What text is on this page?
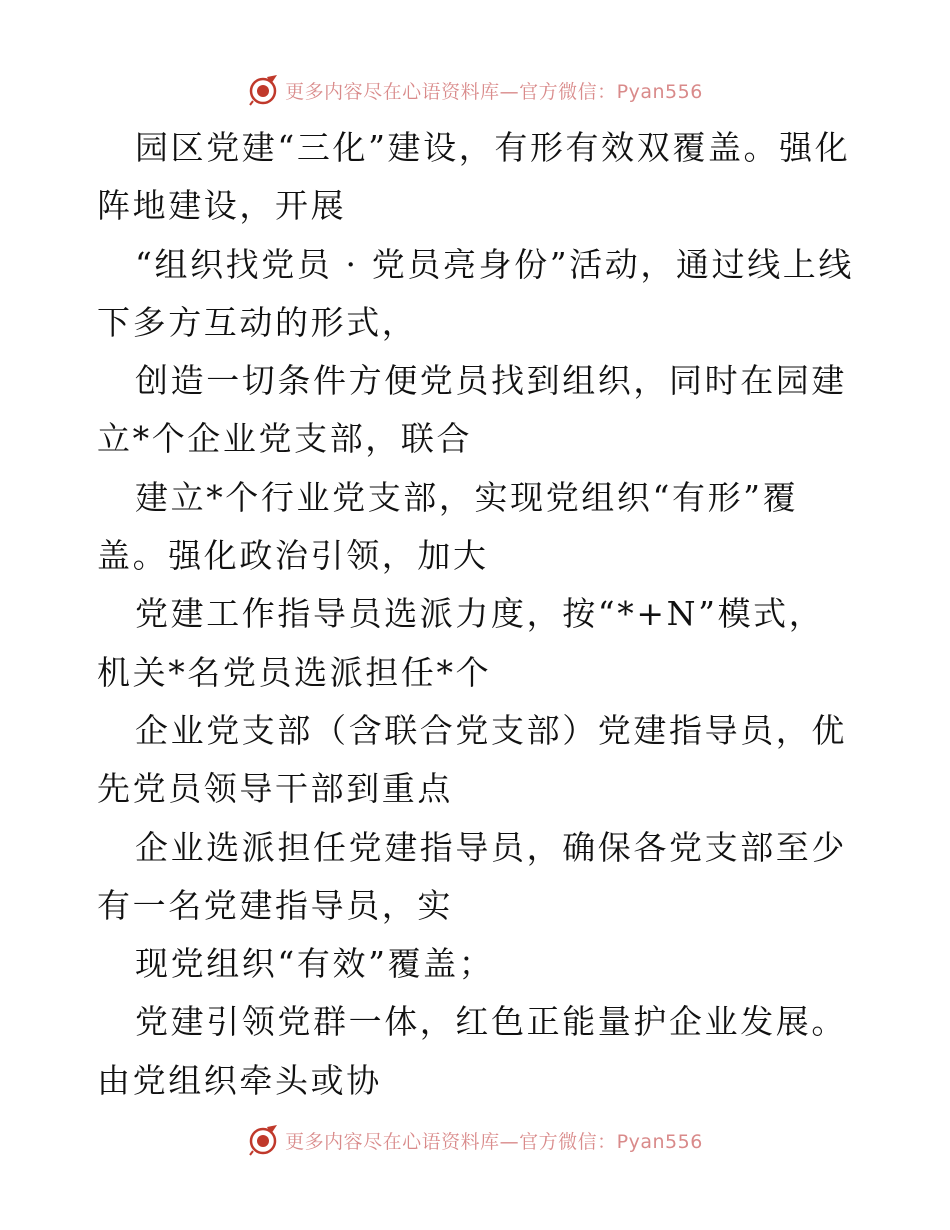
更多内容尽在心语资料库—官方微信：Pyan556

园区党建“三化”建设，有形有效双覆盖。强化阵地建设，开展

“组织找党员 · 党员亮身份”活动，通过线上线下多方互动的形式，

创造一切条件方便党员找到组织，同时在园建立*个企业党支部，联合

建立*个行业党支部，实现党组织“有形”覆盖。强化政治引领，加大

党建工作指导员选派力度，按“*+N”模式，机关*名党员选派担任*个

企业党支部（含联合党支部）党建指导员，优先党员领导干部到重点

企业选派担任党建指导员，确保各党支部至少有一名党建指导员，实

现党组织“有效”覆盖；

党建引领党群一体，红色正能量护企业发展。由党组织牵头或协

更多内容尽在心语资料库—官方微信：Pyan556
